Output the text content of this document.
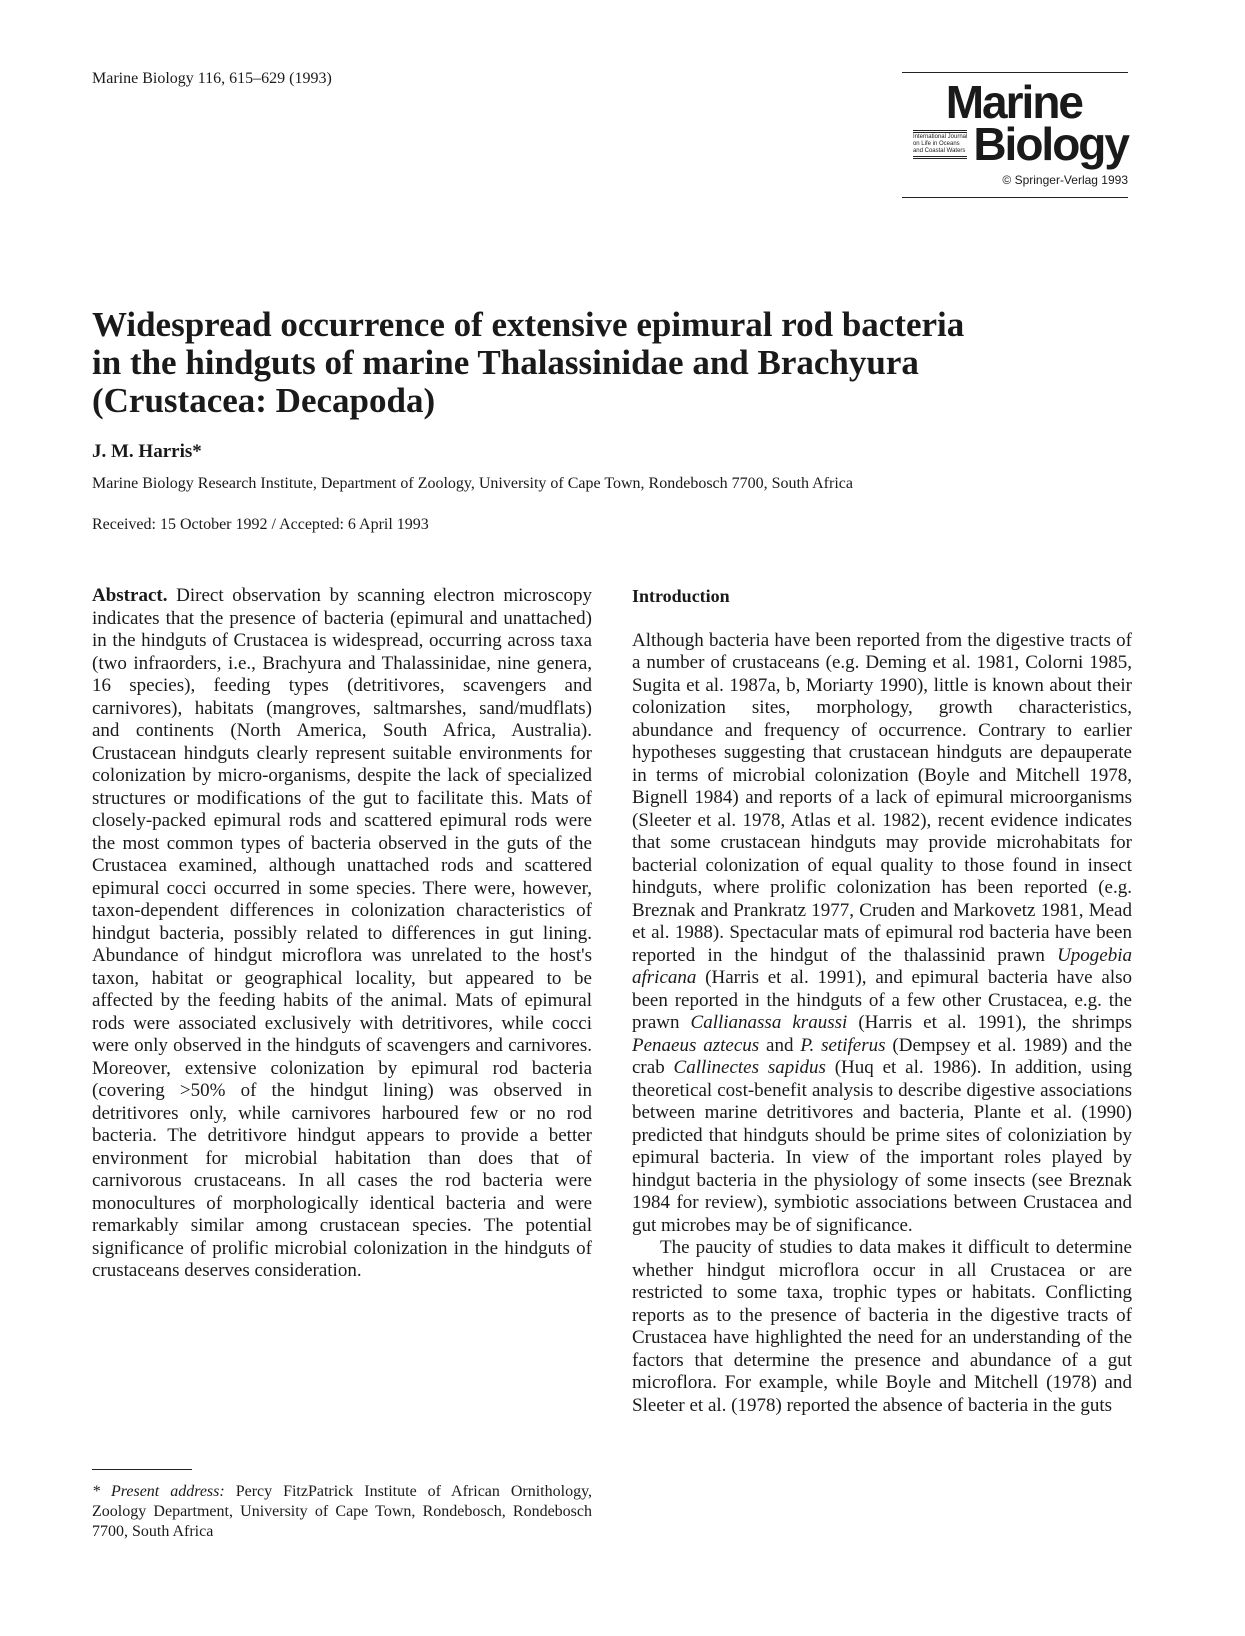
Marine Biology 116, 615–629 (1993)	Marine
International Journal
on Life in Oceans
and Coastal Waters Biology
© Springer-Verlag 1993
Widespread occurrence of extensive epimural rod bacteria
in the hindguts of marine Thalassinidae and Brachyura
(Crustacea: Decapoda)
J. M. Harris*
Marine Biology Research Institute, Department of Zoology, University of Cape Town, Rondebosch 7700, South Africa
Received: 15 October 1992 / Accepted: 6 April 1993

Abstract. Direct observation by scanning electron microscopy indicates that the presence of bacteria (epimural and unattached) in the hindguts of Crustacea is widespread, occurring across taxa (two infraorders, i.e., Brachyura and Thalassinidae, nine genera, 16 species), feeding types (detritivores, scavengers and carnivores), habitats (mangroves, saltmarshes, sand/mudflats) and continents (North America, South Africa, Australia). Crustacean hindguts clearly represent suitable environments for colonization by micro-organisms, despite the lack of specialized structures or modifications of the gut to facilitate this. Mats of closely-packed epimural rods and scattered epimural rods were the most common types of bacteria observed in the guts of the Crustacea examined, although unattached rods and scattered epimural cocci occurred in some species. There were, however, taxon-dependent differences in colonization characteristics of hindgut bacteria, possibly related to differences in gut lining. Abundance of hindgut microflora was unrelated to the host's taxon, habitat or geographical locality, but appeared to be affected by the feeding habits of the animal. Mats of epimural rods were associated exclusively with detritivores, while cocci were only observed in the hindguts of scavengers and carnivores. Moreover, extensive colonization by epimural rod bacteria (covering >50% of the hindgut lining) was observed in detritivores only, while carnivores harboured few or no rod bacteria. The detritivore hindgut appears to provide a better environment for microbial habitation than does that of carnivorous crustaceans. In all cases the rod bacteria were monocultures of morphologically identical bacteria and were remarkably similar among crustacean species. The potential significance of prolific microbial colonization in the hindguts of crustaceans deserves consideration.

* Present address: Percy FitzPatrick Institute of African Ornithology, Zoology Department, University of Cape Town, Rondebosch, Rondebosch 7700, South Africa
Introduction

Although bacteria have been reported from the digestive tracts of a number of crustaceans (e.g. Deming et al. 1981, Colorni 1985, Sugita et al. 1987a, b, Moriarty 1990), little is known about their colonization sites, morphology, growth characteristics, abundance and frequency of occurrence. Contrary to earlier hypotheses suggesting that crustacean hindguts are depauperate in terms of microbial colonization (Boyle and Mitchell 1978, Bignell 1984) and reports of a lack of epimural microorganisms (Sleeter et al. 1978, Atlas et al. 1982), recent evidence indicates that some crustacean hindguts may provide microhabitats for bacterial colonization of equal quality to those found in insect hindguts, where prolific colonization has been reported (e.g. Breznak and Prankratz 1977, Cruden and Markovetz 1981, Mead et al. 1988). Spectacular mats of epimural rod bacteria have been reported in the hindgut of the thalassinid prawn Upogebia africana (Harris et al. 1991), and epimural bacteria have also been reported in the hindguts of a few other Crustacea, e.g. the prawn Callianassa kraussi (Harris et al. 1991), the shrimps Penaeus aztecus and P. setiferus (Dempsey et al. 1989) and the crab Callinectes sapidus (Huq et al. 1986). In addition, using theoretical cost-benefit analysis to describe digestive associations between marine detritivores and bacteria, Plante et al. (1990) predicted that hindguts should be prime sites of coloniziation by epimural bacteria. In view of the important roles played by hindgut bacteria in the physiology of some insects (see Breznak 1984 for review), symbiotic associations between Crustacea and gut microbes may be of significance.

The paucity of studies to data makes it difficult to determine whether hindgut microflora occur in all Crustacea or are restricted to some taxa, trophic types or habitats. Conflicting reports as to the presence of bacteria in the digestive tracts of Crustacea have highlighted the need for an understanding of the factors that determine the presence and abundance of a gut microflora. For example, while Boyle and Mitchell (1978) and Sleeter et al. (1978) reported the absence of bacteria in the guts
